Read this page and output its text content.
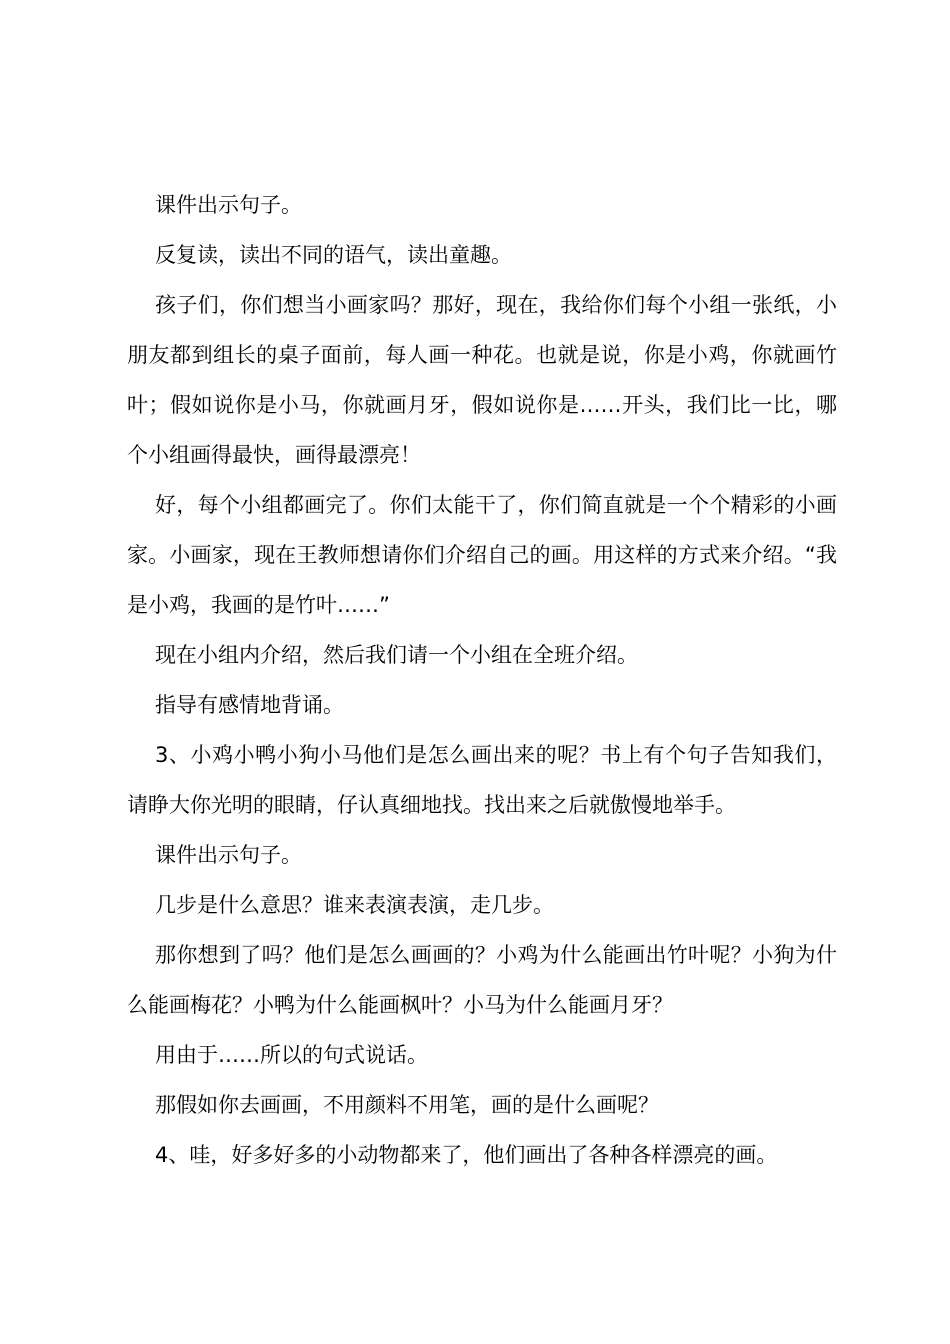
课件出示句子。

反复读，读出不同的语气，读出童趣。

孩子们，你们想当小画家吗？那好，现在，我给你们每个小组一张纸，小朋友都到组长的桌子面前，每人画一种花。也就是说，你是小鸡，你就画竹叶；假如说你是小马，你就画月牙，假如说你是……开头，我们比一比，哪个小组画得最快，画得最漂亮！

好，每个小组都画完了。你们太能干了，你们简直就是一个个精彩的小画家。小画家，现在王教师想请你们介绍自己的画。用这样的方式来介绍。“我是小鸡，我画的是竹叶……”

现在小组内介绍，然后我们请一个小组在全班介绍。

指导有感情地背诵。

3、小鸡小鸭小狗小马他们是怎么画出来的呢？书上有个句子告知我们，请睁大你光明的眼睛，仔认真细地找。找出来之后就傲慢地举手。

课件出示句子。

几步是什么意思？谁来表演表演，走几步。

那你想到了吗？他们是怎么画画的？小鸡为什么能画出竹叶呢？小狗为什么能画梅花？小鸭为什么能画枫叶？小马为什么能画月牙？

用由于……所以的句式说话。

那假如你去画画，不用颜料不用笔，画的是什么画呢？

4、哇，好多好多的小动物都来了，他们画出了各种各样漂亮的画。
